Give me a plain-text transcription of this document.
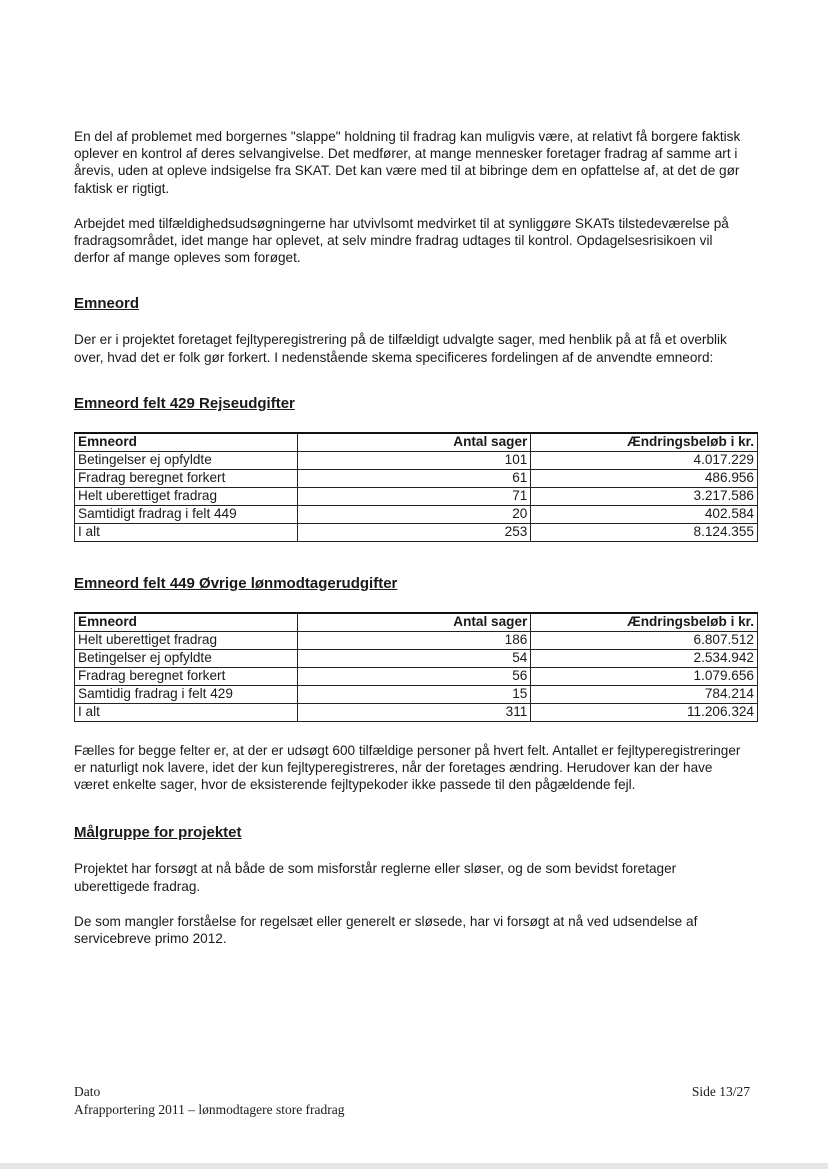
En del af problemet med borgernes "slappe" holdning til fradrag kan muligvis være, at relativt få borgere faktisk oplever en kontrol af deres selvangivelse. Det medfører, at mange mennesker foretager fradrag af samme art i årevis, uden at opleve indsigelse fra SKAT. Det kan være med til at bibringe dem en opfattelse af, at det de gør faktisk er rigtigt.

Arbejdet med tilfældighedsudsøgningerne har utvivlsomt medvirket til at synliggøre SKATs tilstedeværelse på fradragsområdet, idet mange har oplevet, at selv mindre fradrag udtages til kontrol. Opdagelsesrisikoen vil derfor af mange opleves som forøget.

Emneord

Der er i projektet foretaget fejltyperegistrering på de tilfældigt udvalgte sager, med henblik på at få et overblik over, hvad det er folk gør forkert. I nedenstående skema specificeres fordelingen af de anvendte emneord:

Emneord felt 429 Rejseudgifter
Emneord	Antal sager	Ændringsbeløb i kr.
Betingelser ej opfyldte	101	4.017.229
Fradrag beregnet forkert	61	486.956
Helt uberettiget fradrag	71	3.217.586
Samtidigt fradrag i felt 449	20	402.584
I alt	253	8.124.355
Emneord felt 449 Øvrige lønmodtagerudgifter
Emneord	Antal sager	Ændringsbeløb i kr.
Helt uberettiget fradrag	186	6.807.512
Betingelser ej opfyldte	54	2.534.942
Fradrag beregnet forkert	56	1.079.656
Samtidig fradrag i felt 429	15	784.214
I alt	311	11.206.324

Fælles for begge felter er, at der er udsøgt 600 tilfældige personer på hvert felt. Antallet er fejltyperegistreringer er naturligt nok lavere, idet der kun fejltyperegistreres, når der foretages ændring. Herudover kan der have været enkelte sager, hvor de eksisterende fejltypekoder ikke passede til den pågældende fejl.

Målgruppe for projektet

Projektet har forsøgt at nå både de som misforstår reglerne eller sløser, og de som bevidst foretager uberettigede fradrag.

De som mangler forståelse for regelsæt eller generelt er sløsede, har vi forsøgt at nå ved udsendelse af servicebreve primo 2012.

Dato
Afrapportering 2011 – lønmodtagere store fradrag
Side 13/27
